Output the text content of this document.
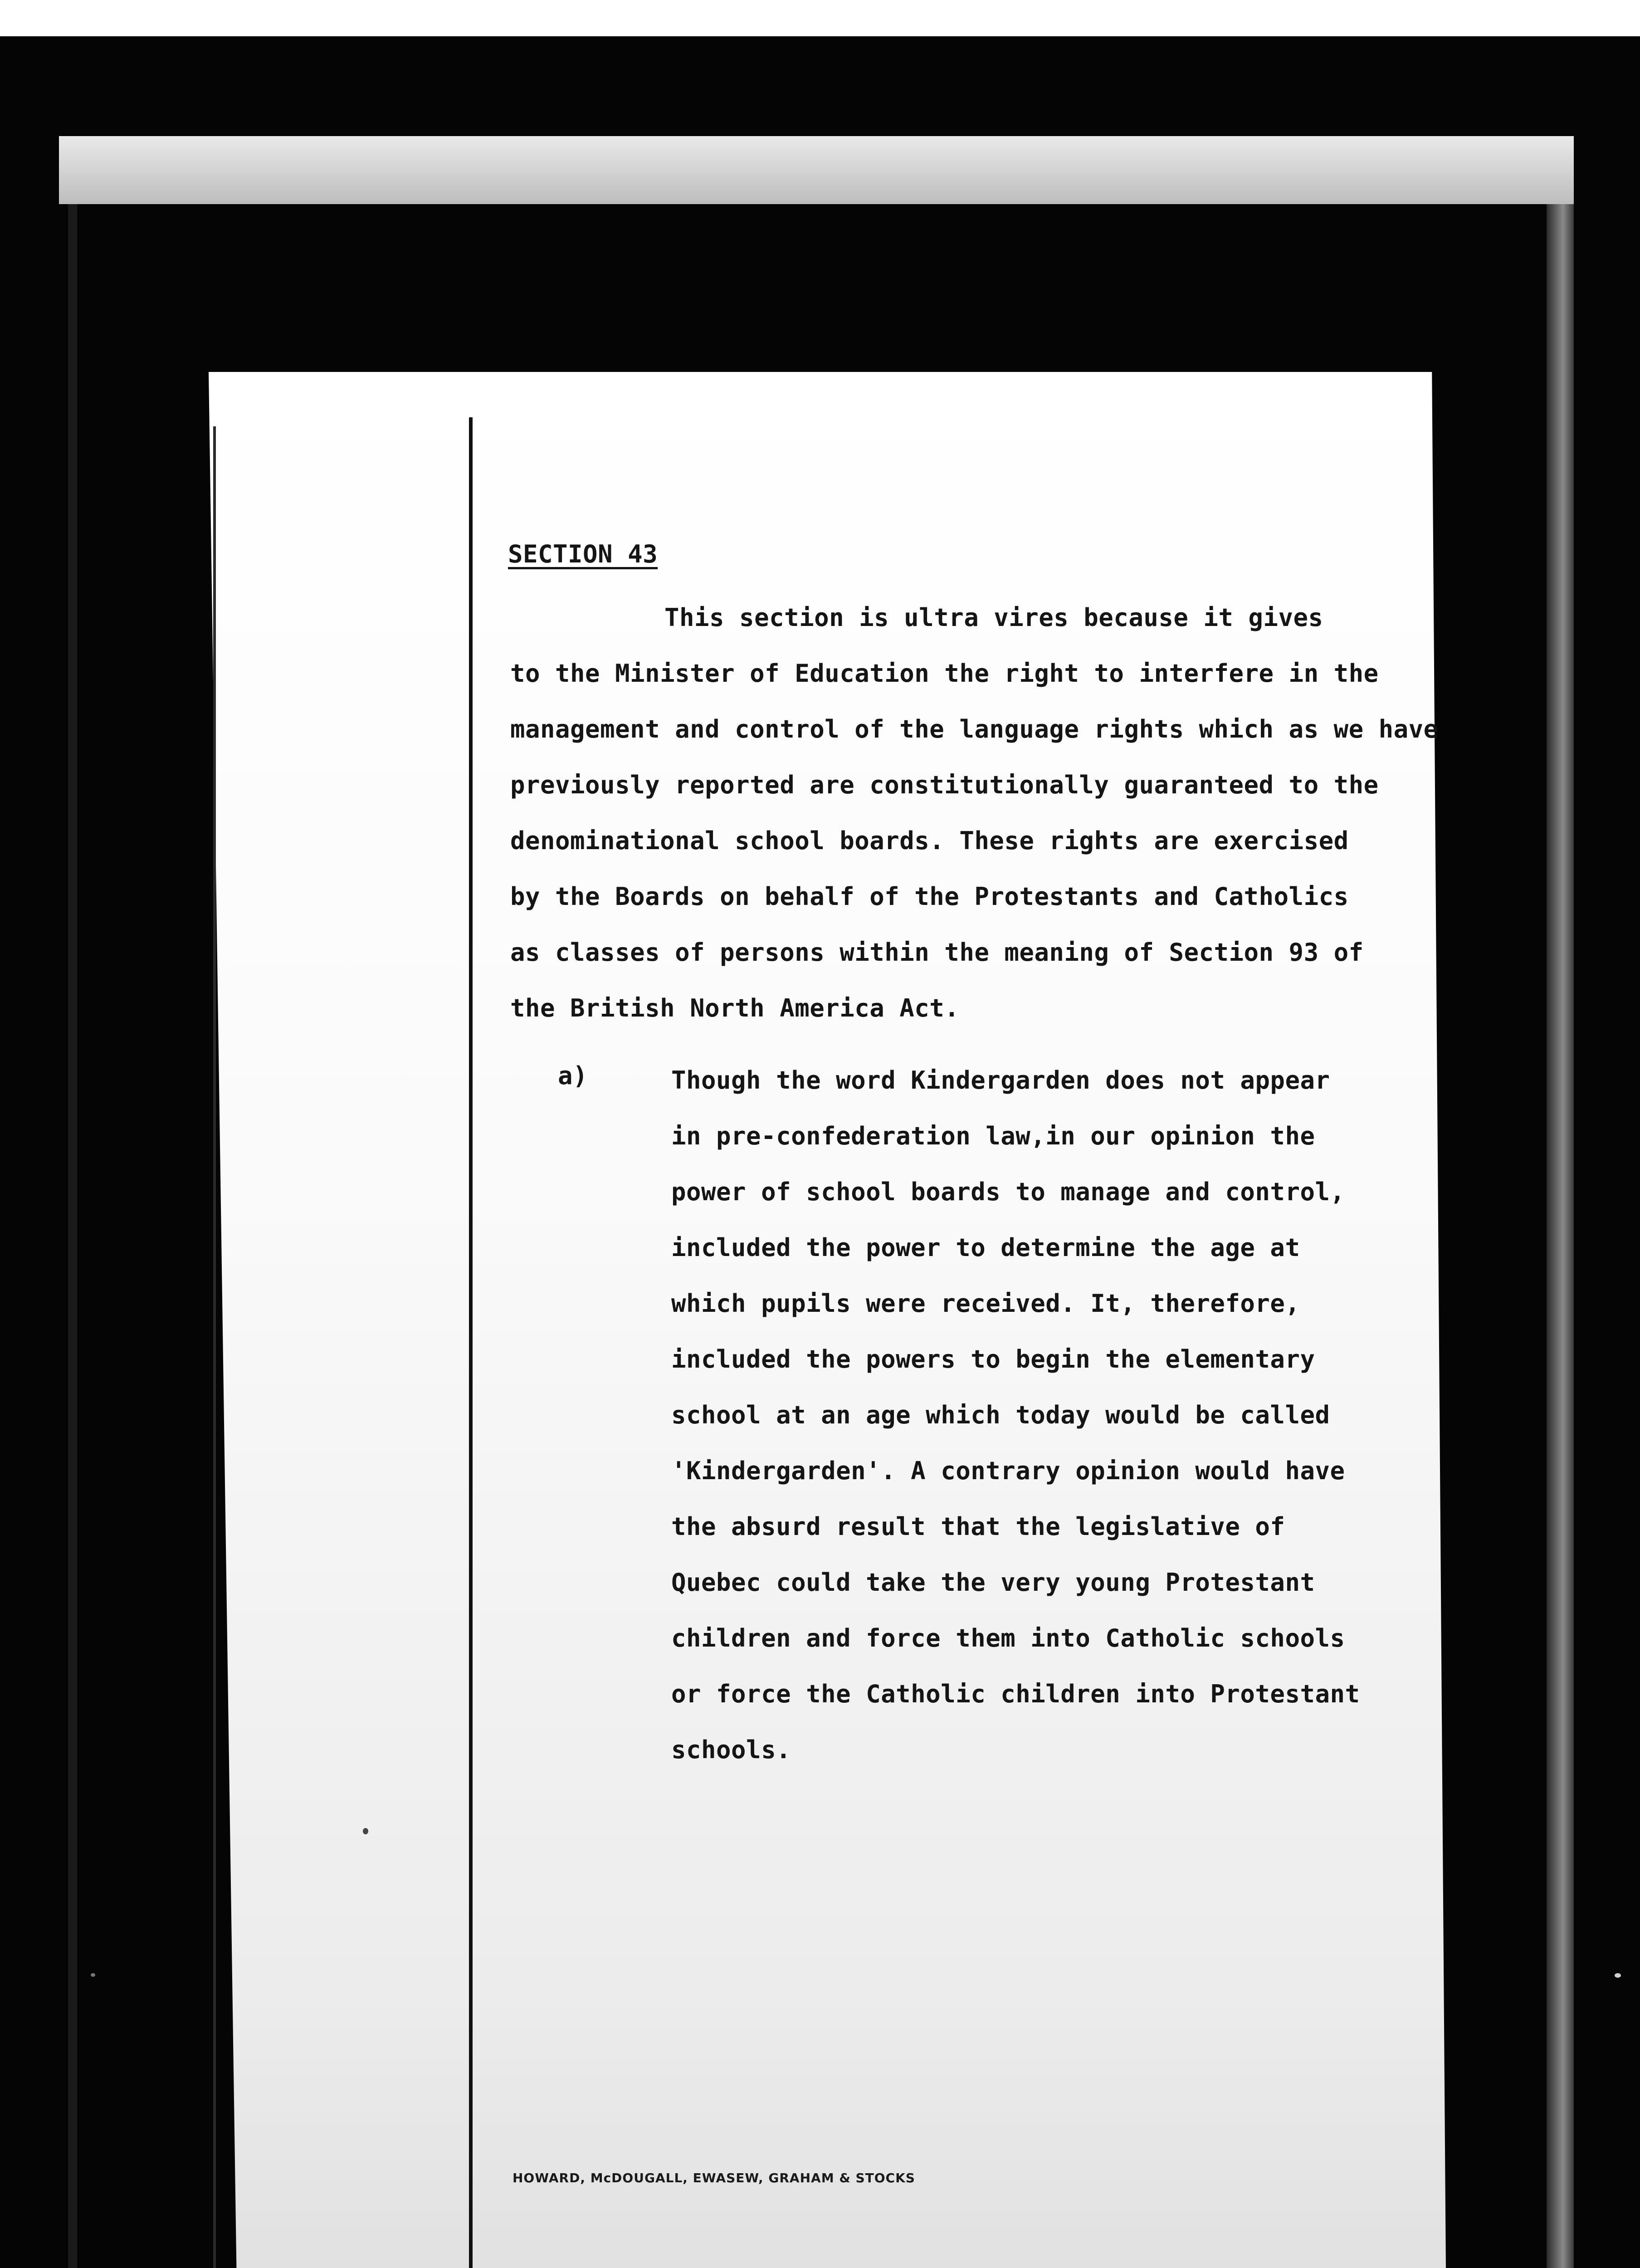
SECTION 43
This section is ultra vires because it gives
to the Minister of Education the right to interfere in the
management and control of the language rights which as we have
previously reported are constitutionally guaranteed to the
denominational school boards. These rights are exercised
by the Boards on behalf of the Protestants and Catholics
as classes of persons within the meaning of Section 93 of
the British North America Act.
a)	Though the word Kindergarden does not appear
in pre-confederation law,in our opinion the
power of school boards to manage and control,
included the power to determine the age at
which pupils were received. It, therefore,
included the powers to begin the elementary
school at an age which today would be called
'Kindergarden'. A contrary opinion would have
the absurd result that the legislative of
Quebec could take the very young Protestant
children and force them into Catholic schools
or force the Catholic children into Protestant
schools.
HOWARD, McDOUGALL, EWASEW, GRAHAM & STOCKS
